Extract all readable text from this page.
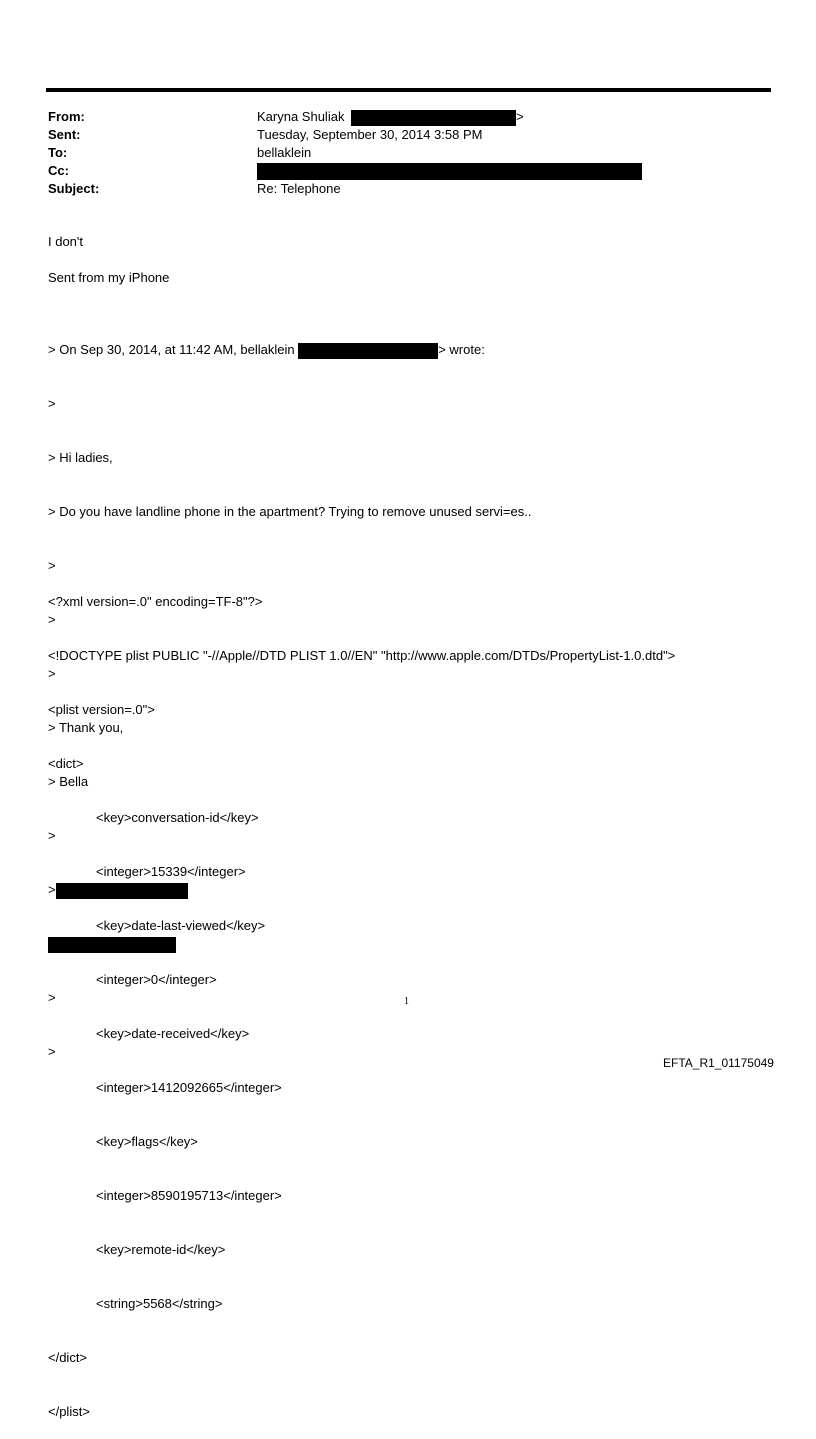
From:	Karyna Shuliak	>
Sent:	Tuesday, September 30, 2014 3:58 PM
To:	bellaklein
Cc:
Subject:	Re: Telephone
I don't
Sent from my iPhone

> On Sep 30, 2014, at 11:42 AM, bellaklein	> wrote:

>

> Hi ladies,

> Do you have landline phone in the apartment? Trying to remove unused servi=es..

>

>

>

> Thank you,

> Bella

>

>

>

>

<?xml version=.0" encoding=TF-8"?>

<!DOCTYPE plist PUBLIC "-//Apple//DTD PLIST 1.0//EN" "http://www.apple.com/DTDs/PropertyList-1.0.dtd">

<plist version=.0">

<dict>

<key>conversation-id</key>

<integer>15339</integer>

<key>date-last-viewed</key>

<integer>0</integer>

<key>date-received</key>

<integer>1412092665</integer>

<key>flags</key>

<integer>8590195713</integer>

<key>remote-id</key>

<string>5568</string>

</dict>

</plist>

1
EFTA_R1_01175049
